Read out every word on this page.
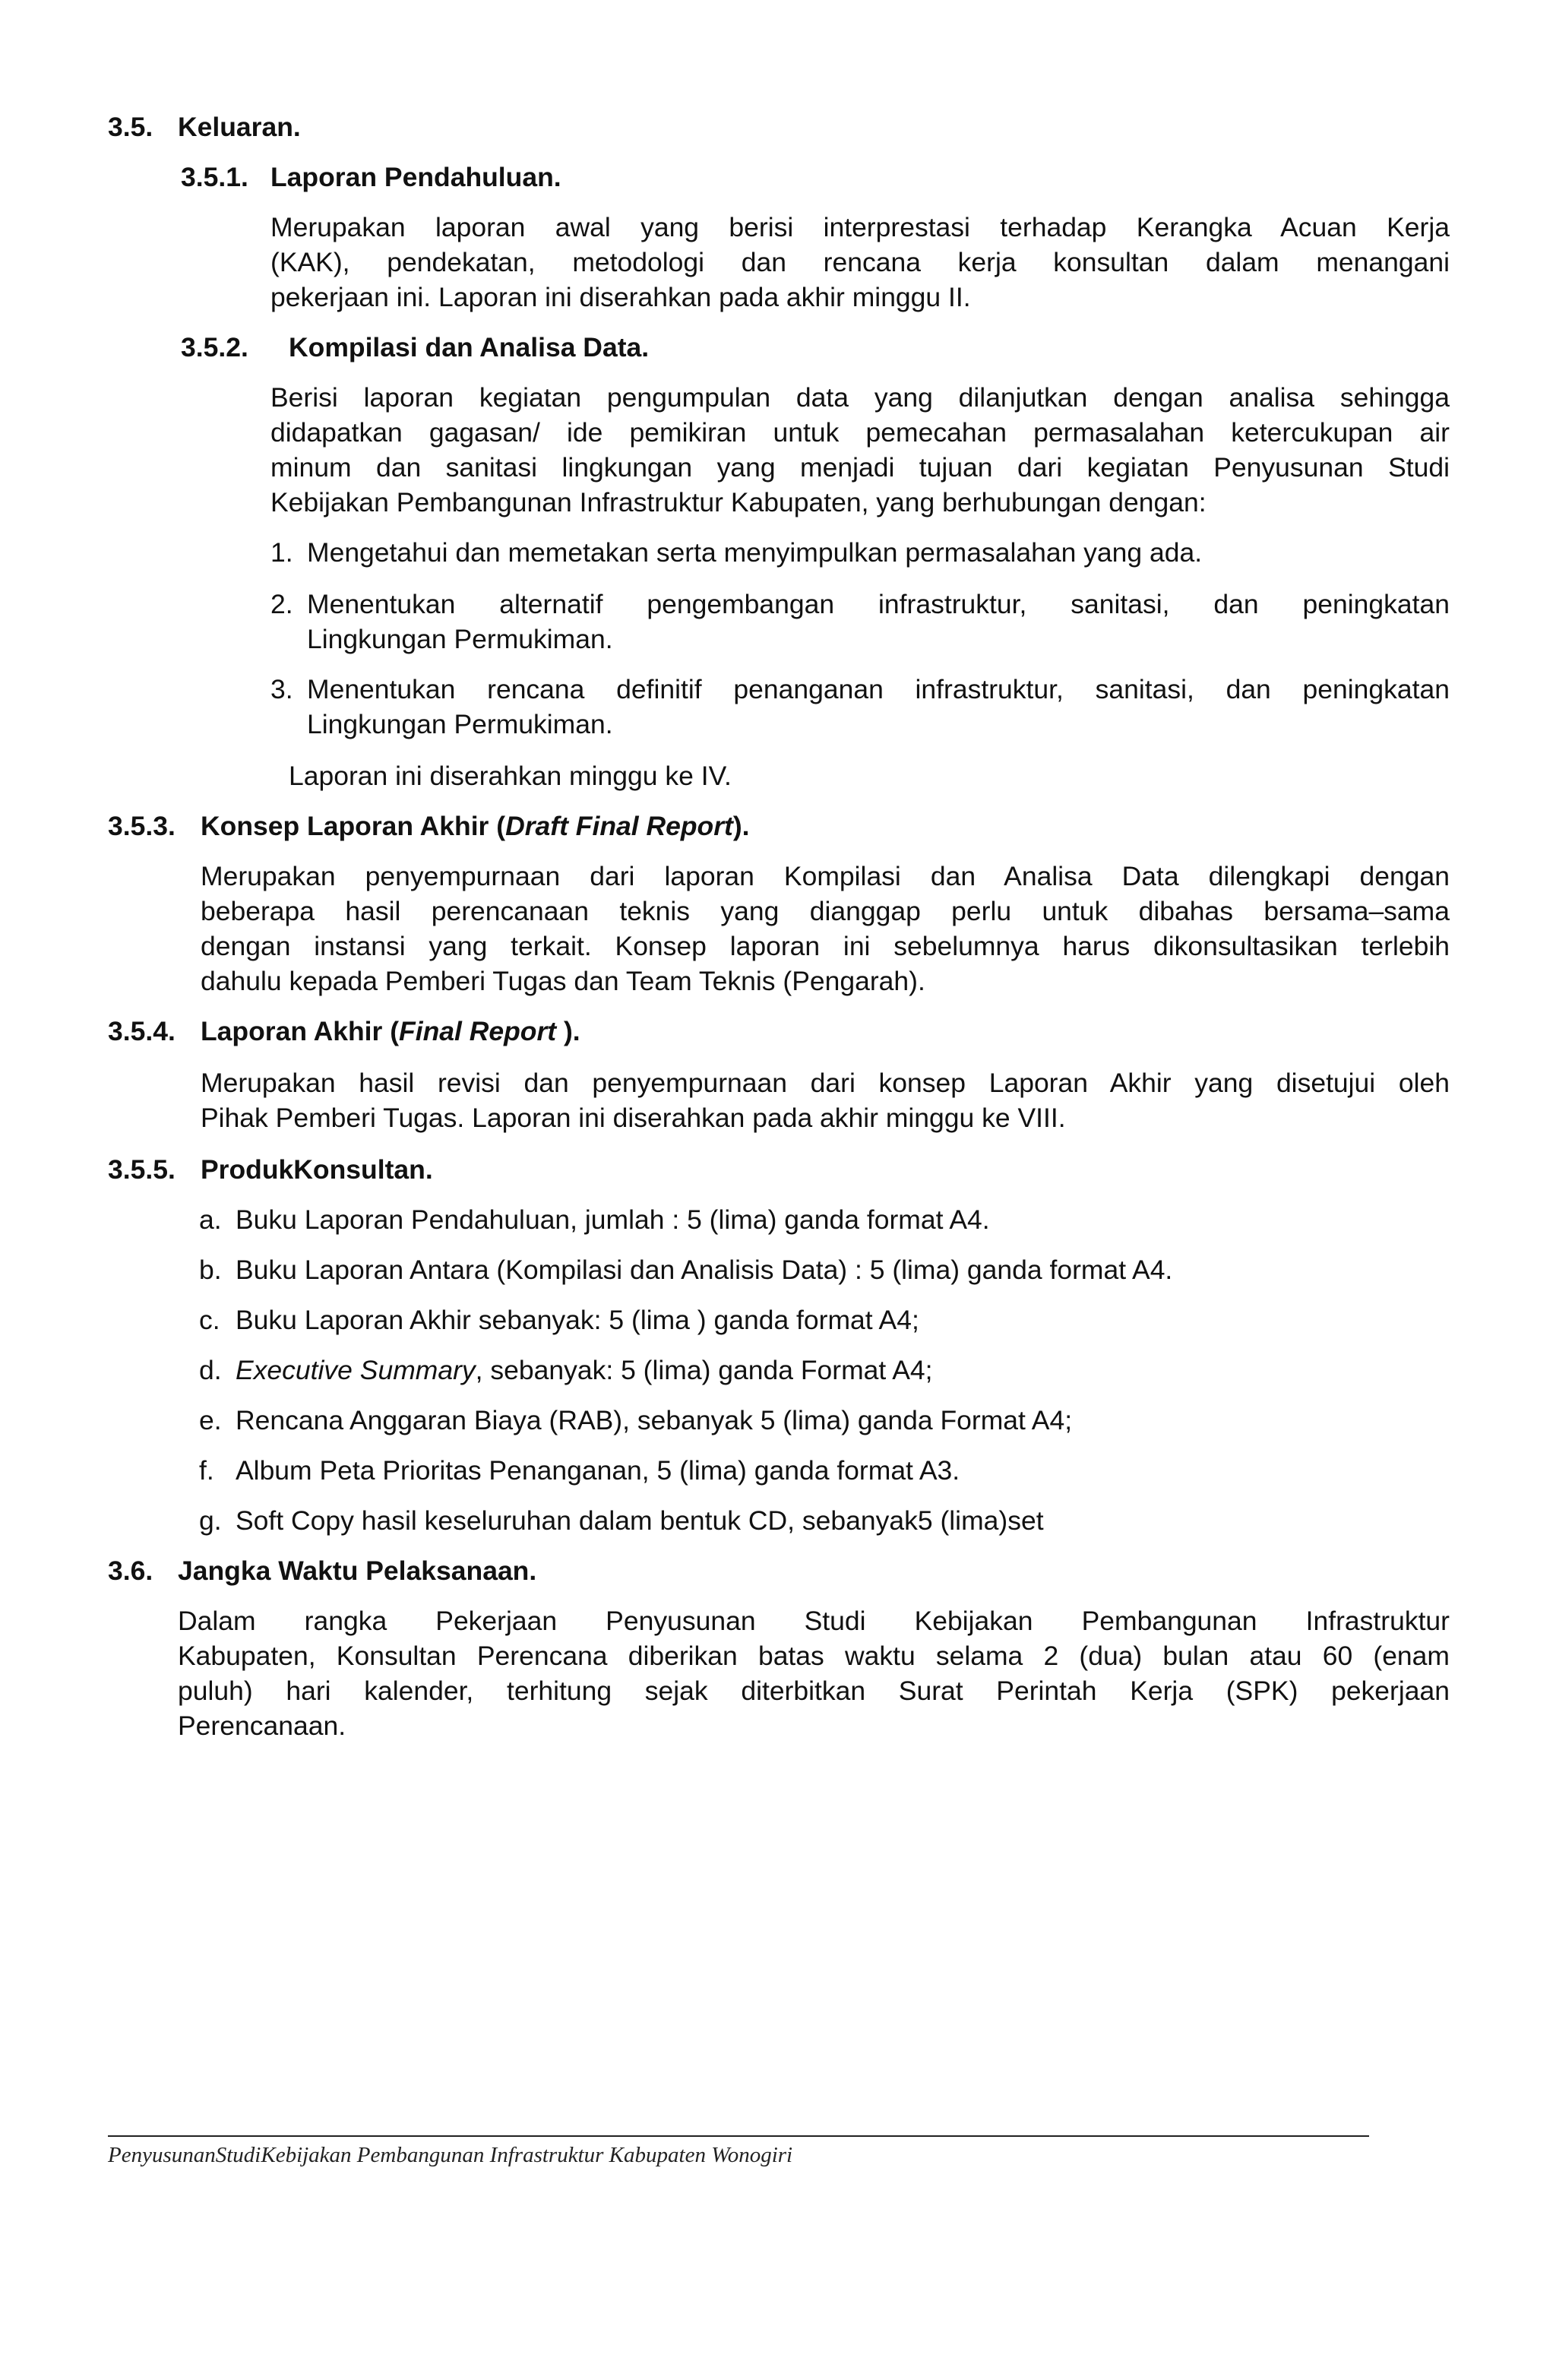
3.5. Keluaran.
3.5.1. Laporan Pendahuluan.
Merupakan laporan awal yang berisi interprestasi terhadap Kerangka Acuan Kerja
(KAK), pendekatan, metodologi dan rencana kerja konsultan dalam menangani
pekerjaan ini. Laporan ini diserahkan pada akhir minggu II.
3.5.2. Kompilasi dan Analisa Data.
Berisi laporan kegiatan pengumpulan data yang dilanjutkan dengan analisa sehingga
didapatkan gagasan/ ide pemikiran untuk pemecahan permasalahan ketercukupan air
minum dan sanitasi lingkungan yang menjadi tujuan dari kegiatan Penyusunan Studi
Kebijakan Pembangunan Infrastruktur Kabupaten, yang berhubungan dengan:
1. Mengetahui dan memetakan serta menyimpulkan permasalahan yang ada.
2. Menentukan alternatif pengembangan infrastruktur, sanitasi, dan peningkatan
Lingkungan Permukiman.
3. Menentukan rencana definitif penanganan infrastruktur, sanitasi, dan peningkatan
Lingkungan Permukiman.
Laporan ini diserahkan minggu ke IV.
3.5.3. Konsep Laporan Akhir (Draft Final Report).
Merupakan penyempurnaan dari laporan Kompilasi dan Analisa Data dilengkapi dengan
beberapa hasil perencanaan teknis yang dianggap perlu untuk dibahas bersama–sama
dengan instansi yang terkait. Konsep laporan ini sebelumnya harus dikonsultasikan terlebih
dahulu kepada Pemberi Tugas dan Team Teknis (Pengarah).
3.5.4. Laporan Akhir (Final Report ).
Merupakan hasil revisi dan penyempurnaan dari konsep Laporan Akhir yang disetujui oleh
Pihak Pemberi Tugas. Laporan ini diserahkan pada akhir minggu ke VIII.
3.5.5. ProdukKonsultan.
a. Buku Laporan Pendahuluan, jumlah : 5 (lima) ganda format A4.
b. Buku Laporan Antara (Kompilasi dan Analisis Data) : 5 (lima) ganda format A4.
c. Buku Laporan Akhir sebanyak: 5 (lima ) ganda format A4;
d. Executive Summary, sebanyak: 5 (lima) ganda Format A4;
e. Rencana Anggaran Biaya (RAB), sebanyak 5 (lima) ganda Format A4;
f. Album Peta Prioritas Penanganan, 5 (lima) ganda format A3.
g. Soft Copy hasil keseluruhan dalam bentuk CD, sebanyak5 (lima)set
3.6. Jangka Waktu Pelaksanaan.
Dalam rangka Pekerjaan Penyusunan Studi Kebijakan Pembangunan Infrastruktur
Kabupaten, Konsultan Perencana diberikan batas waktu selama 2 (dua) bulan atau 60 (enam
puluh) hari kalender, terhitung sejak diterbitkan Surat Perintah Kerja (SPK) pekerjaan
Perencanaan.
PenyusunanStudiKebijakan Pembangunan Infrastruktur Kabupaten Wonogiri
